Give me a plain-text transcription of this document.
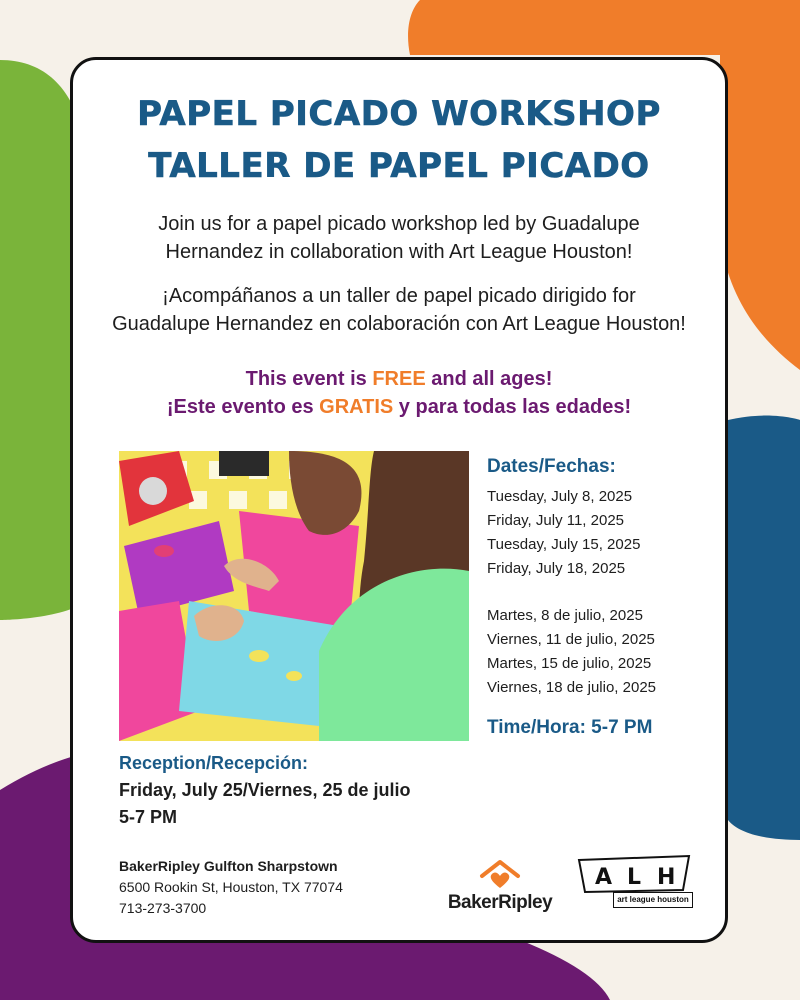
PAPEL PICADO WORKSHOP
TALLER DE PAPEL PICADO
Join us for a papel picado workshop led by Guadalupe
Hernandez in collaboration with Art League Houston!
¡Acompáñanos a un taller de papel picado dirigido for
Guadalupe Hernandez en colaboración con Art League Houston!
This event is FREE and all ages!
¡Este evento es GRATIS y para todas las edades!
Dates/Fechas:
Tuesday, July 8, 2025
Friday, July 11, 2025
Tuesday, July 15, 2025
Friday, July 18, 2025
Martes, 8 de julio, 2025
Viernes, 11 de julio, 2025
Martes, 15 de julio, 2025
Viernes, 18 de julio, 2025
Time/Hora: 5-7 PM
Reception/Recepción:
Friday, July 25/Viernes, 25 de julio
5-7 PM
BakerRipley Gulfton Sharpstown
6500 Rookin St, Houston, TX 77074
713-273-3700	BakerRipley
A L H
art league houston
